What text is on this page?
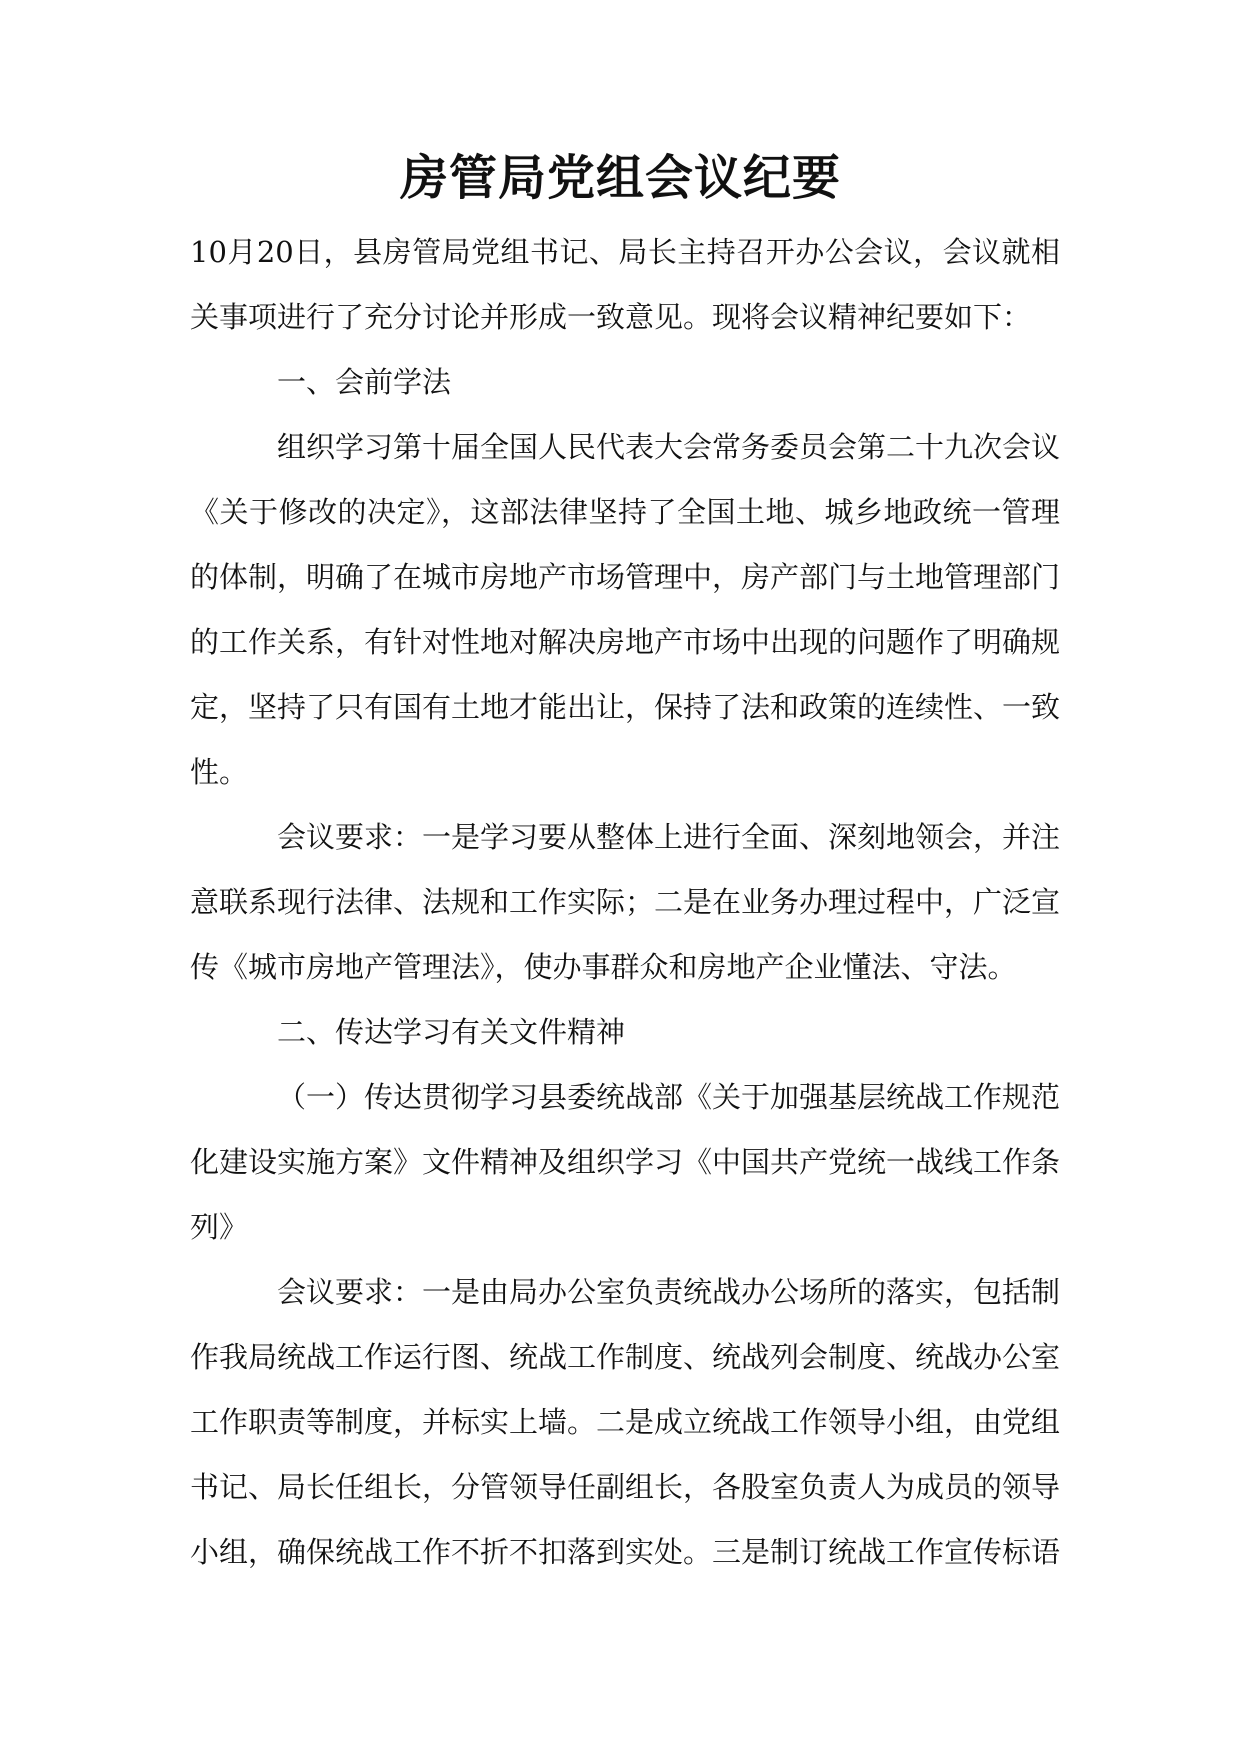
房管局党组会议纪要

10月20日，县房管局党组书记、局长主持召开办公会议，会议就相关事项进行了充分讨论并形成一致意见。现将会议精神纪要如下：

一、会前学法

组织学习第十届全国人民代表大会常务委员会第二十九次会议《关于修改的决定》，这部法律坚持了全国土地、城乡地政统一管理的体制，明确了在城市房地产市场管理中，房产部门与土地管理部门的工作关系，有针对性地对解决房地产市场中出现的问题作了明确规定，坚持了只有国有土地才能出让，保持了法和政策的连续性、一致性。

会议要求：一是学习要从整体上进行全面、深刻地领会，并注意联系现行法律、法规和工作实际；二是在业务办理过程中，广泛宣传《城市房地产管理法》，使办事群众和房地产企业懂法、守法。

二、传达学习有关文件精神

（一）传达贯彻学习县委统战部《关于加强基层统战工作规范化建设实施方案》文件精神及组织学习《中国共产党统一战线工作条列》

会议要求：一是由局办公室负责统战办公场所的落实，包括制作我局统战工作运行图、统战工作制度、统战列会制度、统战办公室工作职责等制度，并标实上墙。二是成立统战工作领导小组，由党组书记、局长任组长，分管领导任副组长，各股室负责人为成员的领导小组，确保统战工作不折不扣落到实处。三是制订统战工作宣传标语
